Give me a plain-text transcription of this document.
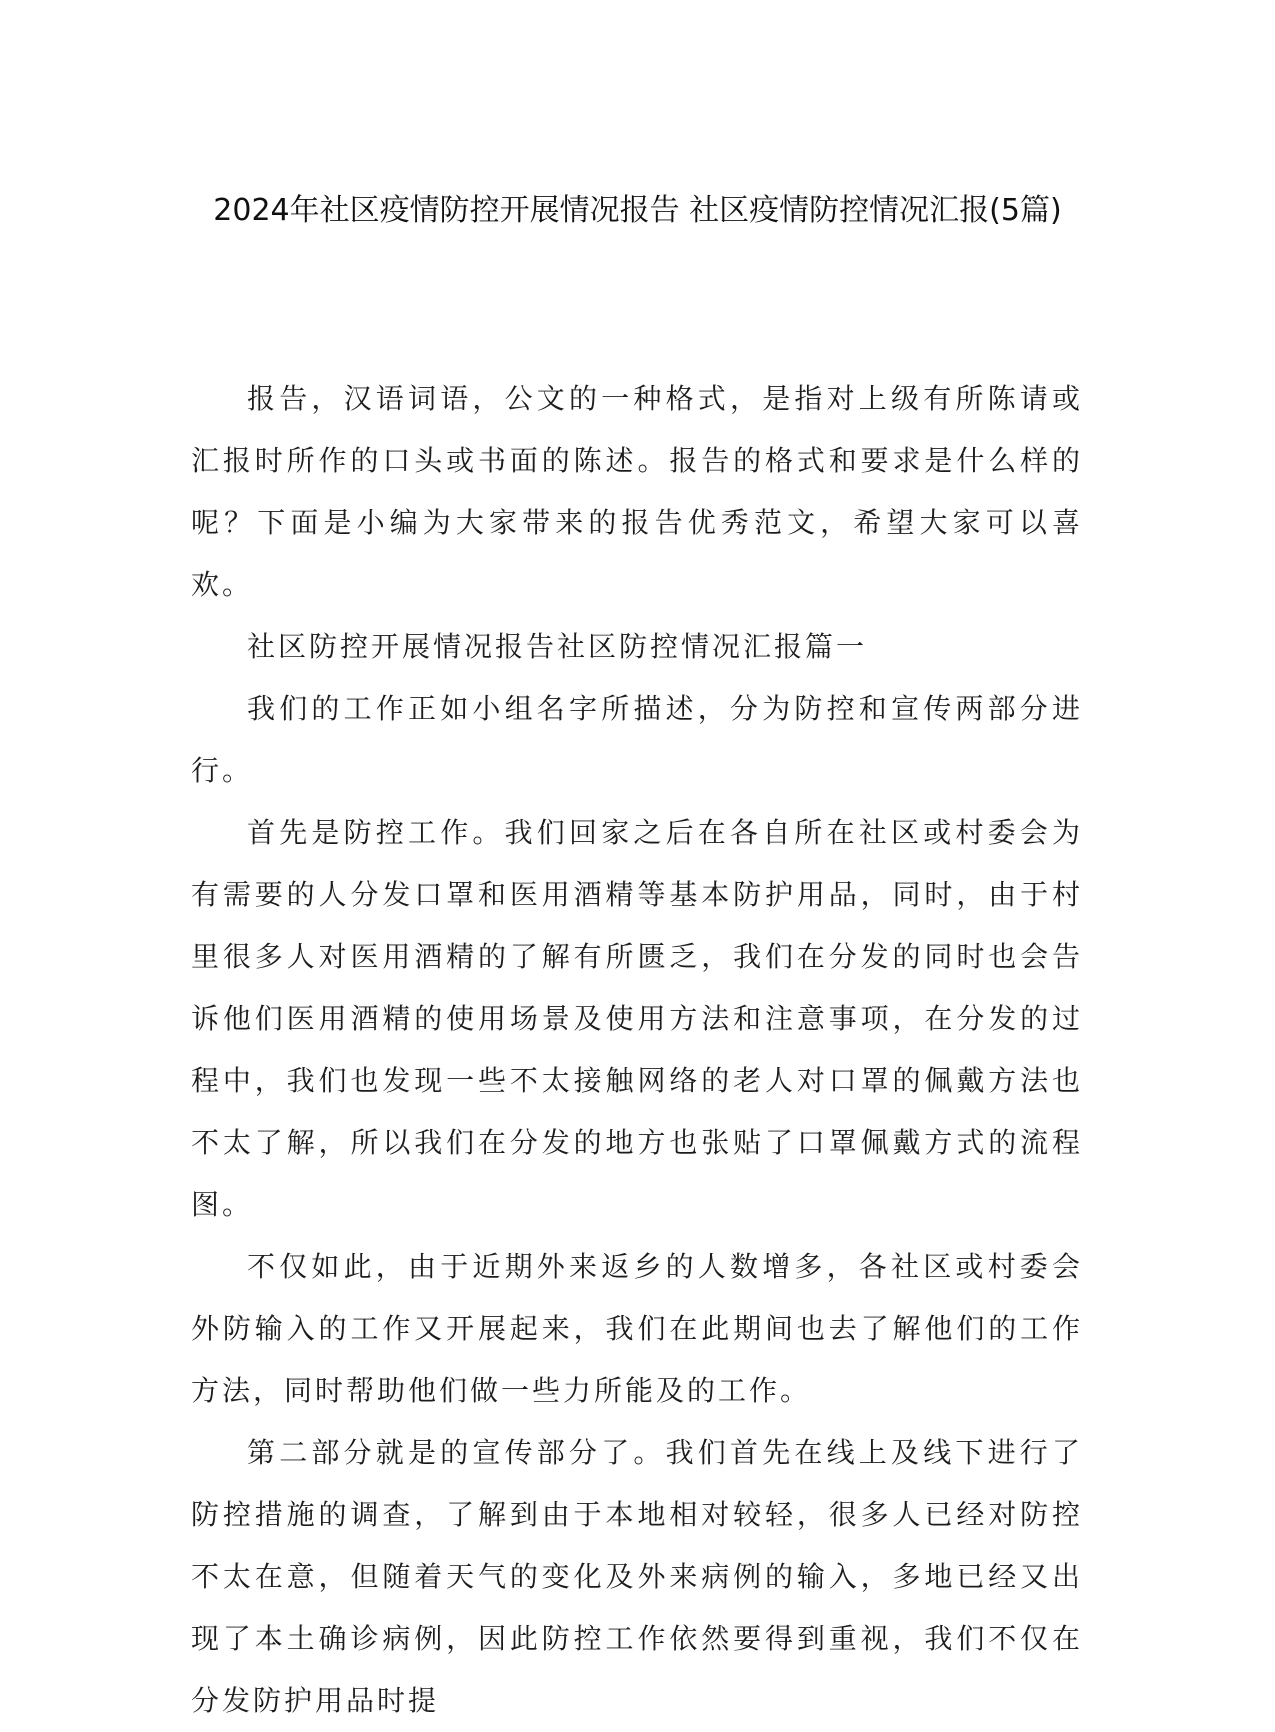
2024年社区疫情防控开展情况报告 社区疫情防控情况汇报(5篇)

报告，汉语词语，公文的一种格式，是指对上级有所陈请或汇报时所作的口头或书面的陈述。报告的格式和要求是什么样的呢？下面是小编为大家带来的报告优秀范文，希望大家可以喜欢。

社区防控开展情况报告社区防控情况汇报篇一

我们的工作正如小组名字所描述，分为防控和宣传两部分进行。

首先是防控工作。我们回家之后在各自所在社区或村委会为有需要的人分发口罩和医用酒精等基本防护用品，同时，由于村里很多人对医用酒精的了解有所匮乏，我们在分发的同时也会告诉他们医用酒精的使用场景及使用方法和注意事项，在分发的过程中，我们也发现一些不太接触网络的老人对口罩的佩戴方法也不太了解，所以我们在分发的地方也张贴了口罩佩戴方式的流程图。

不仅如此，由于近期外来返乡的人数增多，各社区或村委会外防输入的工作又开展起来，我们在此期间也去了解他们的工作方法，同时帮助他们做一些力所能及的工作。

第二部分就是的宣传部分了。我们首先在线上及线下进行了防控措施的调查，了解到由于本地相对较轻，很多人已经对防控不太在意，但随着天气的变化及外来病例的输入，多地已经又出现了本土确诊病例，因此防控工作依然要得到重视，我们不仅在分发防护用品时提
